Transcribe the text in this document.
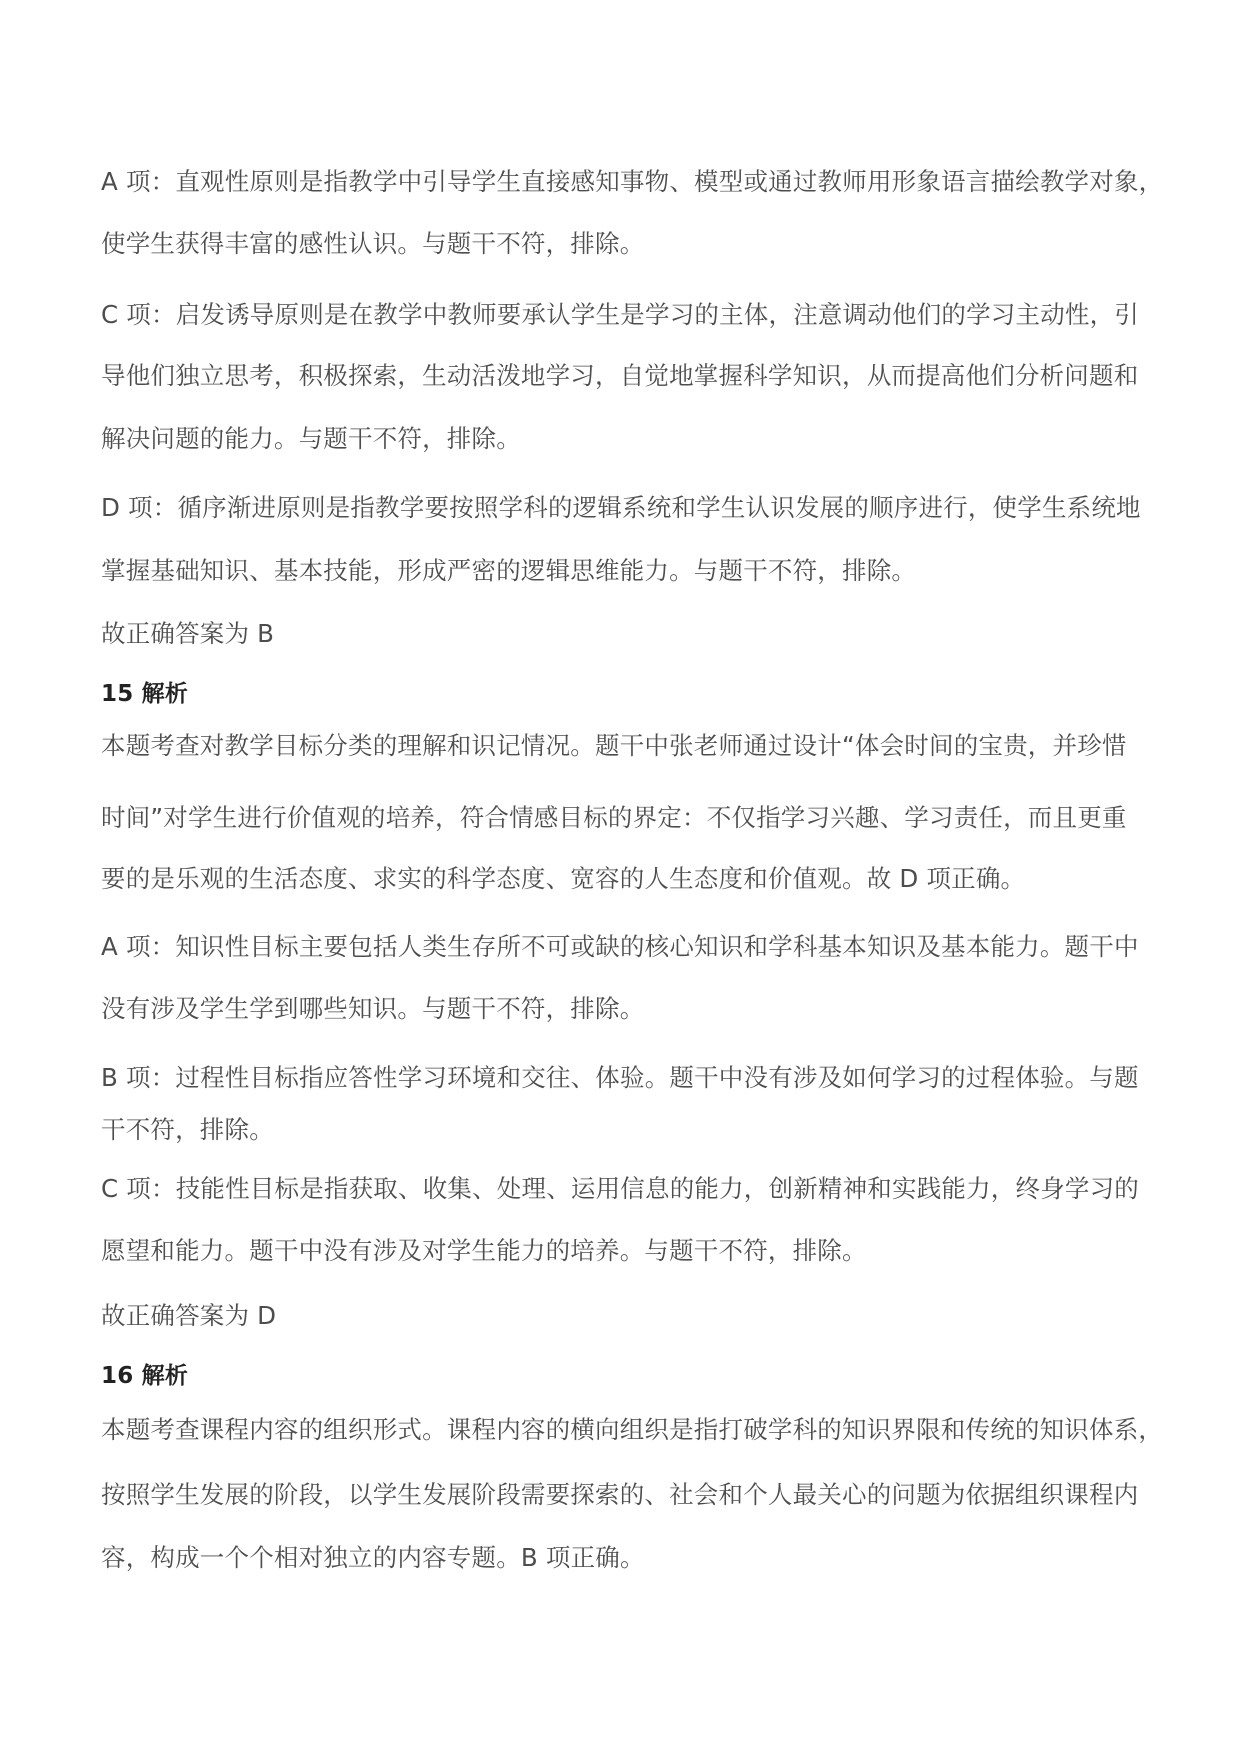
A 项：直观性原则是指教学中引导学生直接感知事物、模型或通过教师用形象语言描绘教学对象，
使学生获得丰富的感性认识。与题干不符，排除。
C 项：启发诱导原则是在教学中教师要承认学生是学习的主体，注意调动他们的学习主动性，引
导他们独立思考，积极探索，生动活泼地学习，自觉地掌握科学知识，从而提高他们分析问题和
解决问题的能力。与题干不符，排除。
D 项：循序渐进原则是指教学要按照学科的逻辑系统和学生认识发展的顺序进行，使学生系统地
掌握基础知识、基本技能，形成严密的逻辑思维能力。与题干不符，排除。
故正确答案为 B
15 解析
本题考查对教学目标分类的理解和识记情况。题干中张老师通过设计“体会时间的宝贵，并珍惜
时间”对学生进行价值观的培养，符合情感目标的界定：不仅指学习兴趣、学习责任，而且更重
要的是乐观的生活态度、求实的科学态度、宽容的人生态度和价值观。故 D 项正确。
A 项：知识性目标主要包括人类生存所不可或缺的核心知识和学科基本知识及基本能力。题干中
没有涉及学生学到哪些知识。与题干不符，排除。
B 项：过程性目标指应答性学习环境和交往、体验。题干中没有涉及如何学习的过程体验。与题
干不符，排除。
C 项：技能性目标是指获取、收集、处理、运用信息的能力，创新精神和实践能力，终身学习的
愿望和能力。题干中没有涉及对学生能力的培养。与题干不符，排除。
故正确答案为 D
16 解析
本题考查课程内容的组织形式。课程内容的横向组织是指打破学科的知识界限和传统的知识体系，
按照学生发展的阶段，以学生发展阶段需要探索的、社会和个人最关心的问题为依据组织课程内
容，构成一个个相对独立的内容专题。B 项正确。
